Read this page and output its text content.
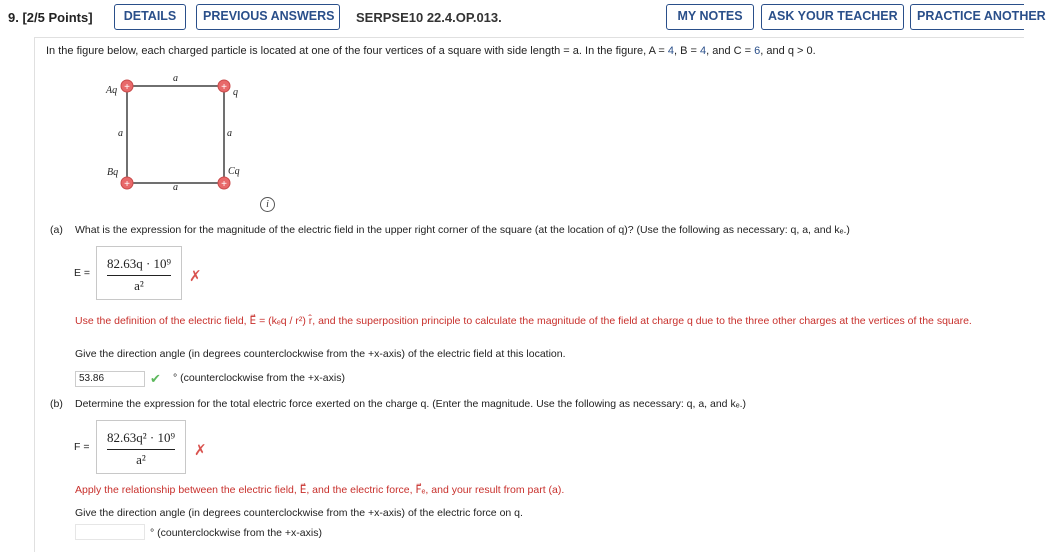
9. [2/5 Points]	DETAILS	PREVIOUS ANSWERS	SERPSE10 22.4.OP.013.	MY NOTES	ASK YOUR TEACHER	PRACTICE ANOTHER
In the figure below, each charged particle is located at one of the four vertices of a square with side length = a. In the figure, A = 4, B = 4, and C = 6, and q > 0.
+	+
+	+
Aq	q
Bq	Cq
a
a	a
a
i
(a) What is the expression for the magnitude of the electric field in the upper right corner of the square (at the location of q)? (Use the following as necessary: q, a, and kₑ.)
E =
82.63q · 10⁹
a²
✗
Use the definition of the electric field, E⃗ = (kₑq / r²) r̂, and the superposition principle to calculate the magnitude of the field at charge q due to the three other charges at the vertices of the square.
Give the direction angle (in degrees counterclockwise from the +x-axis) of the electric field at this location.
53.86	✔ ° (counterclockwise from the +x-axis)
(b) Determine the expression for the total electric force exerted on the charge q. (Enter the magnitude. Use the following as necessary: q, a, and kₑ.)
F =
82.63q² · 10⁹
a²
✗
Apply the relationship between the electric field, E⃗, and the electric force, F⃗ₑ, and your result from part (a).
Give the direction angle (in degrees counterclockwise from the +x-axis) of the electric force on q.
° (counterclockwise from the +x-axis)
